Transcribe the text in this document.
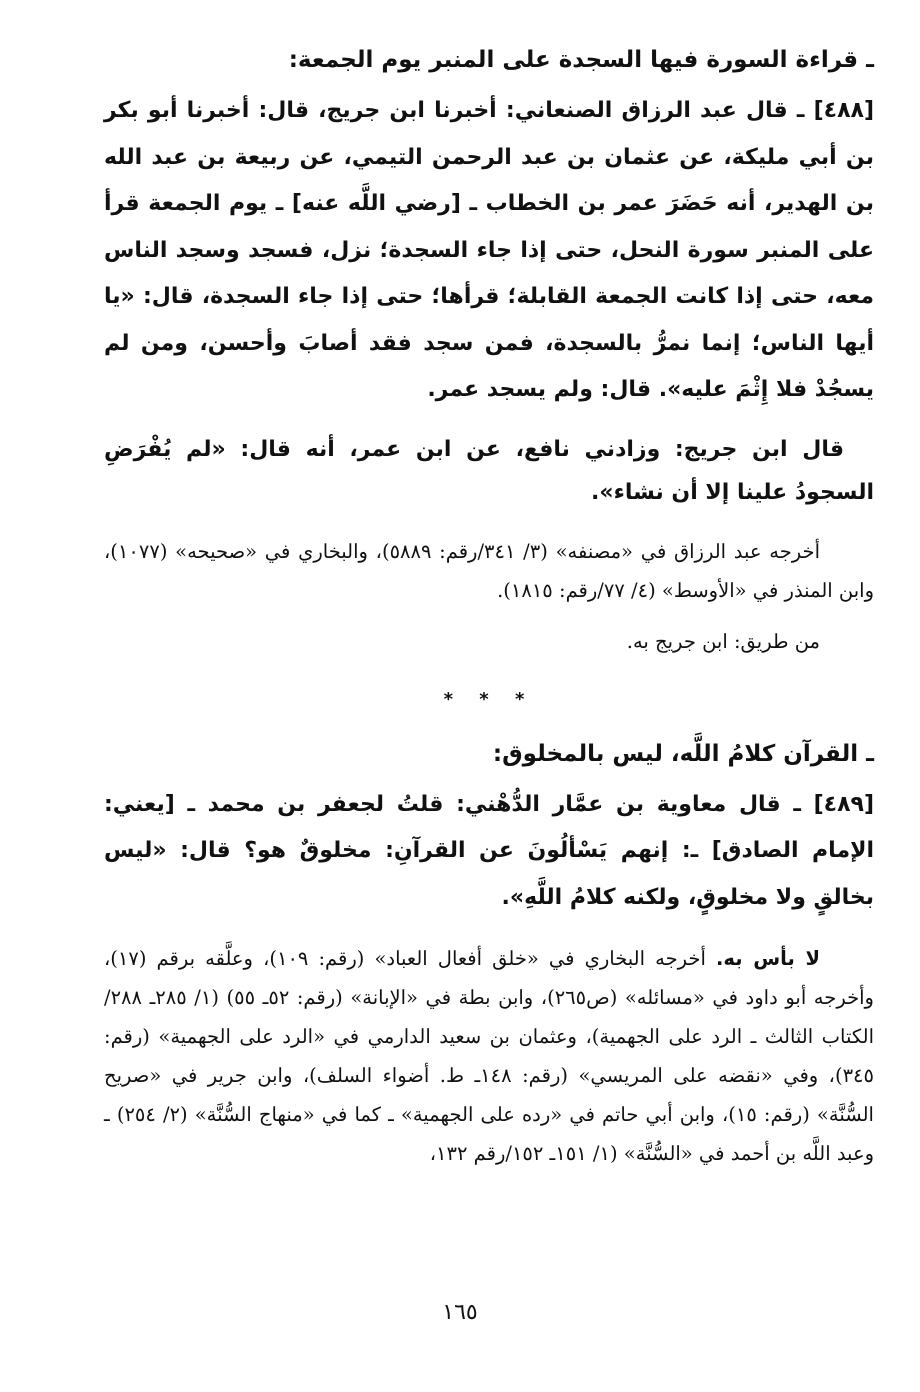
ـ قراءة السورة فيها السجدة على المنبر يوم الجمعة:

[٤٨٨] ـ قال عبد الرزاق الصنعاني: أخبرنا ابن جريج، قال: أخبرنا أبو بكر بن أبي مليكة، عن عثمان بن عبد الرحمن التيمي، عن ربيعة بن عبد الله بن الهدير، أنه حَضَرَ عمر بن الخطاب ـ [رضي اللَّه عنه] ـ يوم الجمعة قرأ على المنبر سورة النحل، حتى إذا جاء السجدة؛ نزل، فسجد وسجد الناس معه، حتى إذا كانت الجمعة القابلة؛ قرأها؛ حتى إذا جاء السجدة، قال: «يا أيها الناس؛ إنما نمرُّ بالسجدة، فمن سجد فقد أصابَ وأحسن، ومن لم يسجُدْ فلا إِثْمَ عليه». قال: ولم يسجد عمر.

قال ابن جريج: وزادني نافع، عن ابن عمر، أنه قال: «لم يُفْرَضِ السجودُ علينا إلا أن نشاء».

أخرجه عبد الرزاق في «مصنفه» (٣/ ٣٤١/رقم: ٥٨٨٩)، والبخاري في «صحيحه» (١٠٧٧)، وابن المنذر في «الأوسط» (٤/ ٧٧/رقم: ١٨١٥).

من طريق: ابن جريج به.

* * *
ـ القرآن كلامُ اللَّه، ليس بالمخلوق:

[٤٨٩] ـ قال معاوية بن عمَّار الدُّهْني: قلتُ لجعفر بن محمد ـ [يعني: الإمام الصادق] ـ: إنهم يَسْألُونَ عن القرآنِ: مخلوقٌ هو؟ قال: «ليس بخالقٍ ولا مخلوقٍ، ولكنه كلامُ اللَّهِ».

لا بأس به. أخرجه البخاري في «خلق أفعال العباد» (رقم: ١٠٩)، وعلَّقه برقم (١٧)، وأخرجه أبو داود في «مسائله» (ص٢٦٥)، وابن بطة في «الإبانة» (رقم: ٥٢ـ ٥٥) (١/ ٢٨٥ـ ٢٨٨/الكتاب الثالث ـ الرد على الجهمية)، وعثمان بن سعيد الدارمي في «الرد على الجهمية» (رقم: ٣٤٥)، وفي «نقضه على المريسي» (رقم: ١٤٨ـ ط. أضواء السلف)، وابن جرير في «صريح السُّنَّة» (رقم: ١٥)، وابن أبي حاتم في «رده على الجهمية» ـ كما في «منهاج السُّنَّة» (٢/ ٢٥٤) ـ وعبد اللَّه بن أحمد في «السُّنَّة» (١/ ١٥١ـ ١٥٢/رقم ١٣٢،

١٦٥
